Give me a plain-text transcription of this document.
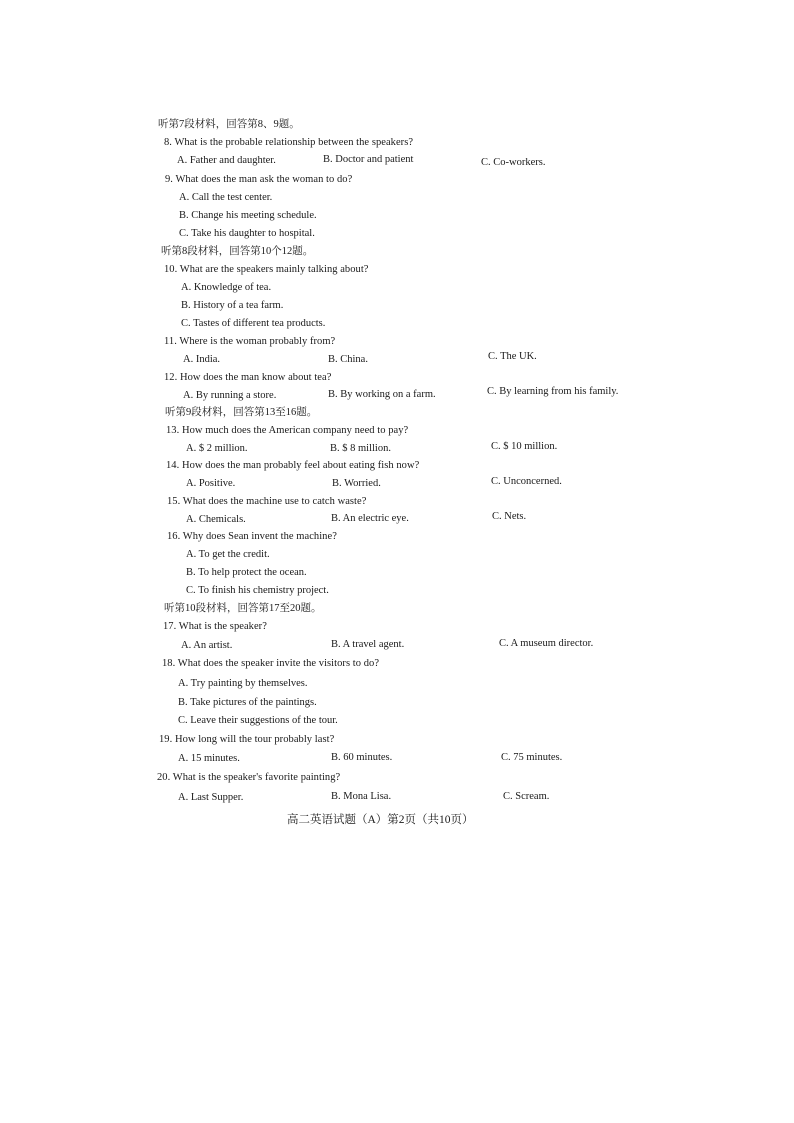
听第7段材料，回答第8、9题。
8. What is the probable relationship between the speakers?
A. Father and daughter.	B. Doctor and patient	C. Co-workers.
9. What does the man ask the woman to do?
A. Call the test center.
B. Change his meeting schedule.
C. Take his daughter to hospital.
听第8段材料，回答第10个12题。
10. What are the speakers mainly talking about?
A. Knowledge of tea.
B. History of a tea farm.
C. Tastes of different tea products.
11. Where is the woman probably from?
A. India.	B. China.	C. The UK.
12. How does the man know about tea?
A. By running a store.	B. By working on a farm.	C. By learning from his family.
听第9段材料，回答第13至16题。
13. How much does the American company need to pay?
A. $ 2 million.	B. $ 8 million.	C. $ 10 million.
14. How does the man probably feel about eating fish now?
A. Positive.	B. Worried.	C. Unconcerned.
15. What does the machine use to catch waste?
A. Chemicals.	B. An electric eye.	C. Nets.
16. Why does Sean invent the machine?
A. To get the credit.
B. To help protect the ocean.
C. To finish his chemistry project.
听第10段材料，回答第17至20题。
17. What is the speaker?
A. An artist.	B. A travel agent.	C. A museum director.
18. What does the speaker invite the visitors to do?
A. Try painting by themselves.
B. Take pictures of the paintings.
C. Leave their suggestions of the tour.
19. How long will the tour probably last?
A. 15 minutes.	B. 60 minutes.	C. 75 minutes.
20. What is the speaker's favorite painting?
A. Last Supper.	B. Mona Lisa.	C. Scream.
高二英语试题（A）第2页（共10页）
